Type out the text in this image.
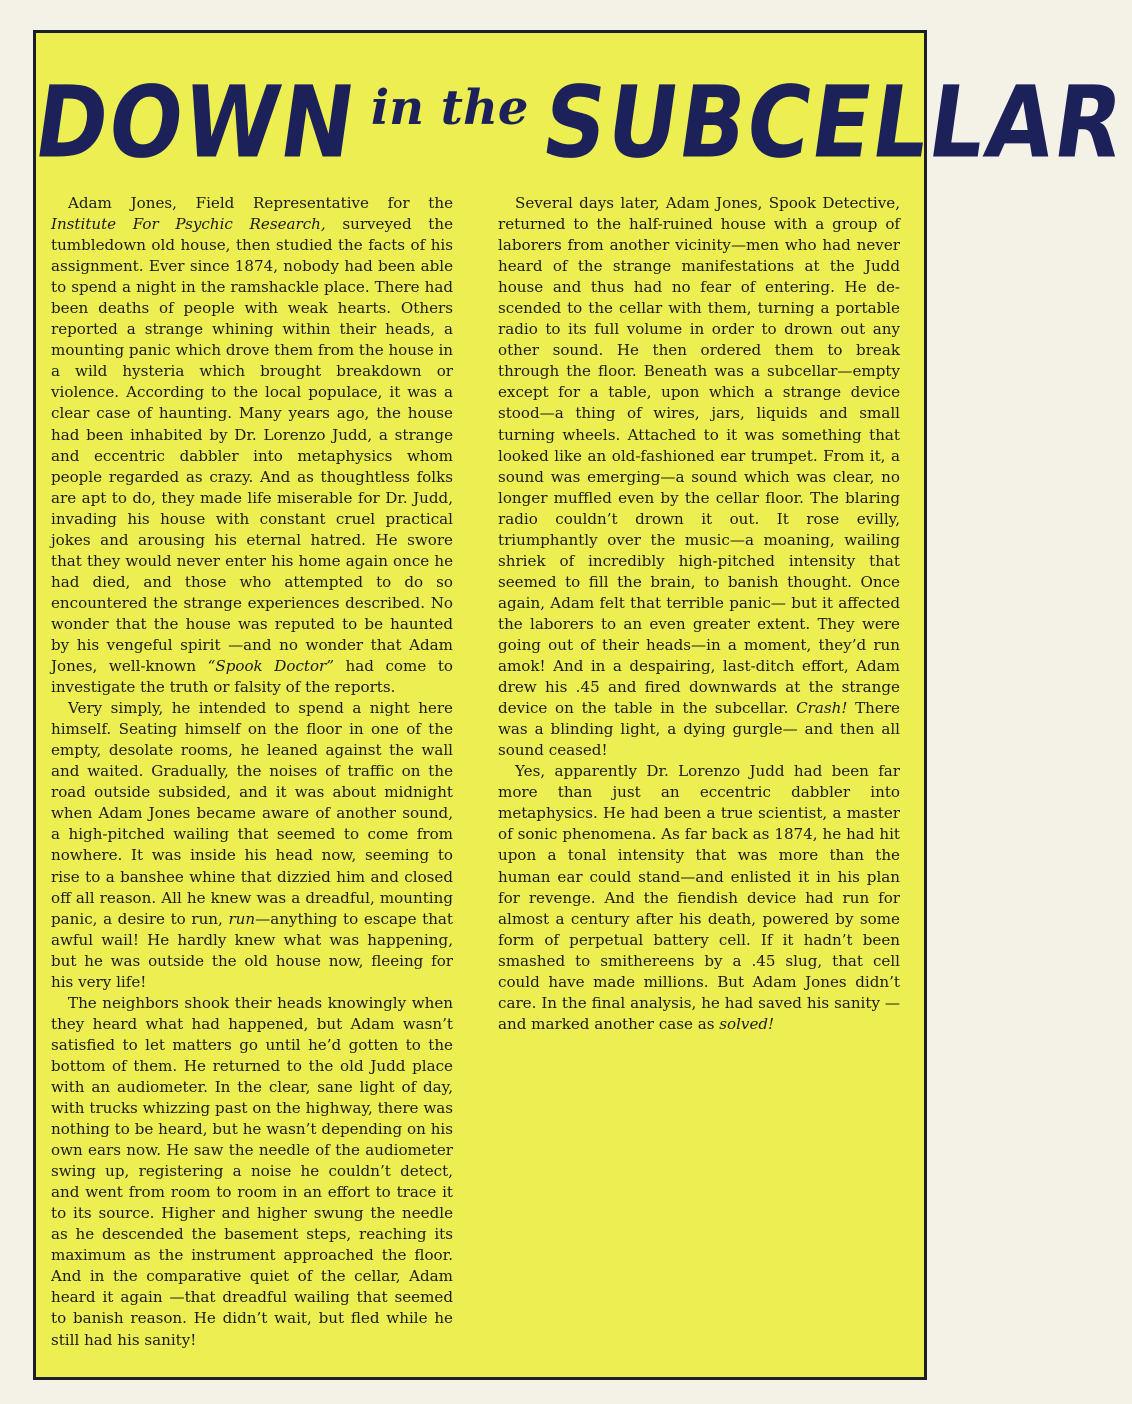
DOWN in the SUBCELLAR

Adam Jones, Field Representative for the Institute For Psychic Research, surveyed the tumbledown old house, then studied the facts of his assignment. Ever since 1874, nobody had been able to spend a night in the ramshackle place. There had been deaths of people with weak hearts. Others reported a strange whining within their heads, a mounting panic which drove them from the house in a wild hysteria which brought breakdown or violence. According to the local populace, it was a clear case of haunting. Many years ago, the house had been inhabited by Dr. Lorenzo Judd, a strange and eccentric dabbler into metaphysics whom people regarded as crazy. And as thoughtless folks are apt to do, they made life miserable for Dr. Judd, invading his house with constant cruel practical jokes and arousing his eternal hatred. He swore that they would never enter his home again once he had died, and those who attempted to do so encountered the strange experiences described. No wonder that the house was reputed to be haunted by his vengeful spirit —and no wonder that Adam Jones, well-known “Spook Doctor” had come to investigate the truth or falsity of the reports.

Very simply, he intended to spend a night here himself. Seating himself on the floor in one of the empty, desolate rooms, he leaned against the wall and waited. Gradually, the noises of traffic on the road outside subsided, and it was about midnight when Adam Jones became aware of another sound, a high-pitched wailing that seemed to come from nowhere. It was inside his head now, seeming to rise to a banshee whine that dizzied him and closed off all reason. All he knew was a dreadful, mounting panic, a desire to run, run—anything to escape that awful wail! He hardly knew what was happening, but he was outside the old house now, fleeing for his very life!

The neighbors shook their heads knowingly when they heard what had happened, but Adam wasn’t satisfied to let matters go until he’d gotten to the bottom of them. He returned to the old Judd place with an audiometer. In the clear, sane light of day, with trucks whizzing past on the highway, there was nothing to be heard, but he wasn’t depending on his own ears now. He saw the needle of the audiometer swing up, registering a noise he couldn’t detect, and went from room to room in an effort to trace it to its source. Higher and higher swung the needle as he descended the basement steps, reaching its maximum as the instrument approached the floor. And in the comparative quiet of the cellar, Adam heard it again —that dreadful wailing that seemed to banish reason. He didn’t wait, but fled while he still had his sanity!

Several days later, Adam Jones, Spook Detective, returned to the half-ruined house with a group of laborers from another vicinity—men who had never heard of the strange manifestations at the Judd house and thus had no fear of entering. He descended to the cellar with them, turning a portable radio to its full volume in order to drown out any other sound. He then ordered them to break through the floor. Beneath was a subcellar—empty except for a table, upon which a strange device stood—a thing of wires, jars, liquids and small turning wheels. Attached to it was something that looked like an old-fashioned ear trumpet. From it, a sound was emerging—a sound which was clear, no longer muffled even by the cellar floor. The blaring radio couldn’t drown it out. It rose evilly, triumphantly over the music—a moaning, wailing shriek of incredibly high-pitched intensity that seemed to fill the brain, to banish thought. Once again, Adam felt that terrible panic— but it affected the laborers to an even greater extent. They were going out of their heads—in a moment, they’d run amok! And in a despairing, last-ditch effort, Adam drew his .45 and fired downwards at the strange device on the table in the subcellar. Crash! There was a blinding light, a dying gurgle— and then all sound ceased!

Yes, apparently Dr. Lorenzo Judd had been far more than just an eccentric dabbler into metaphysics. He had been a true scientist, a master of sonic phenomena. As far back as 1874, he had hit upon a tonal intensity that was more than the human ear could stand—and enlisted it in his plan for revenge. And the fiendish device had run for almost a century after his death, powered by some form of perpetual battery cell. If it hadn’t been smashed to smithereens by a .45 slug, that cell could have made millions. But Adam Jones didn’t care. In the final analysis, he had saved his sanity —and marked another case as solved!
